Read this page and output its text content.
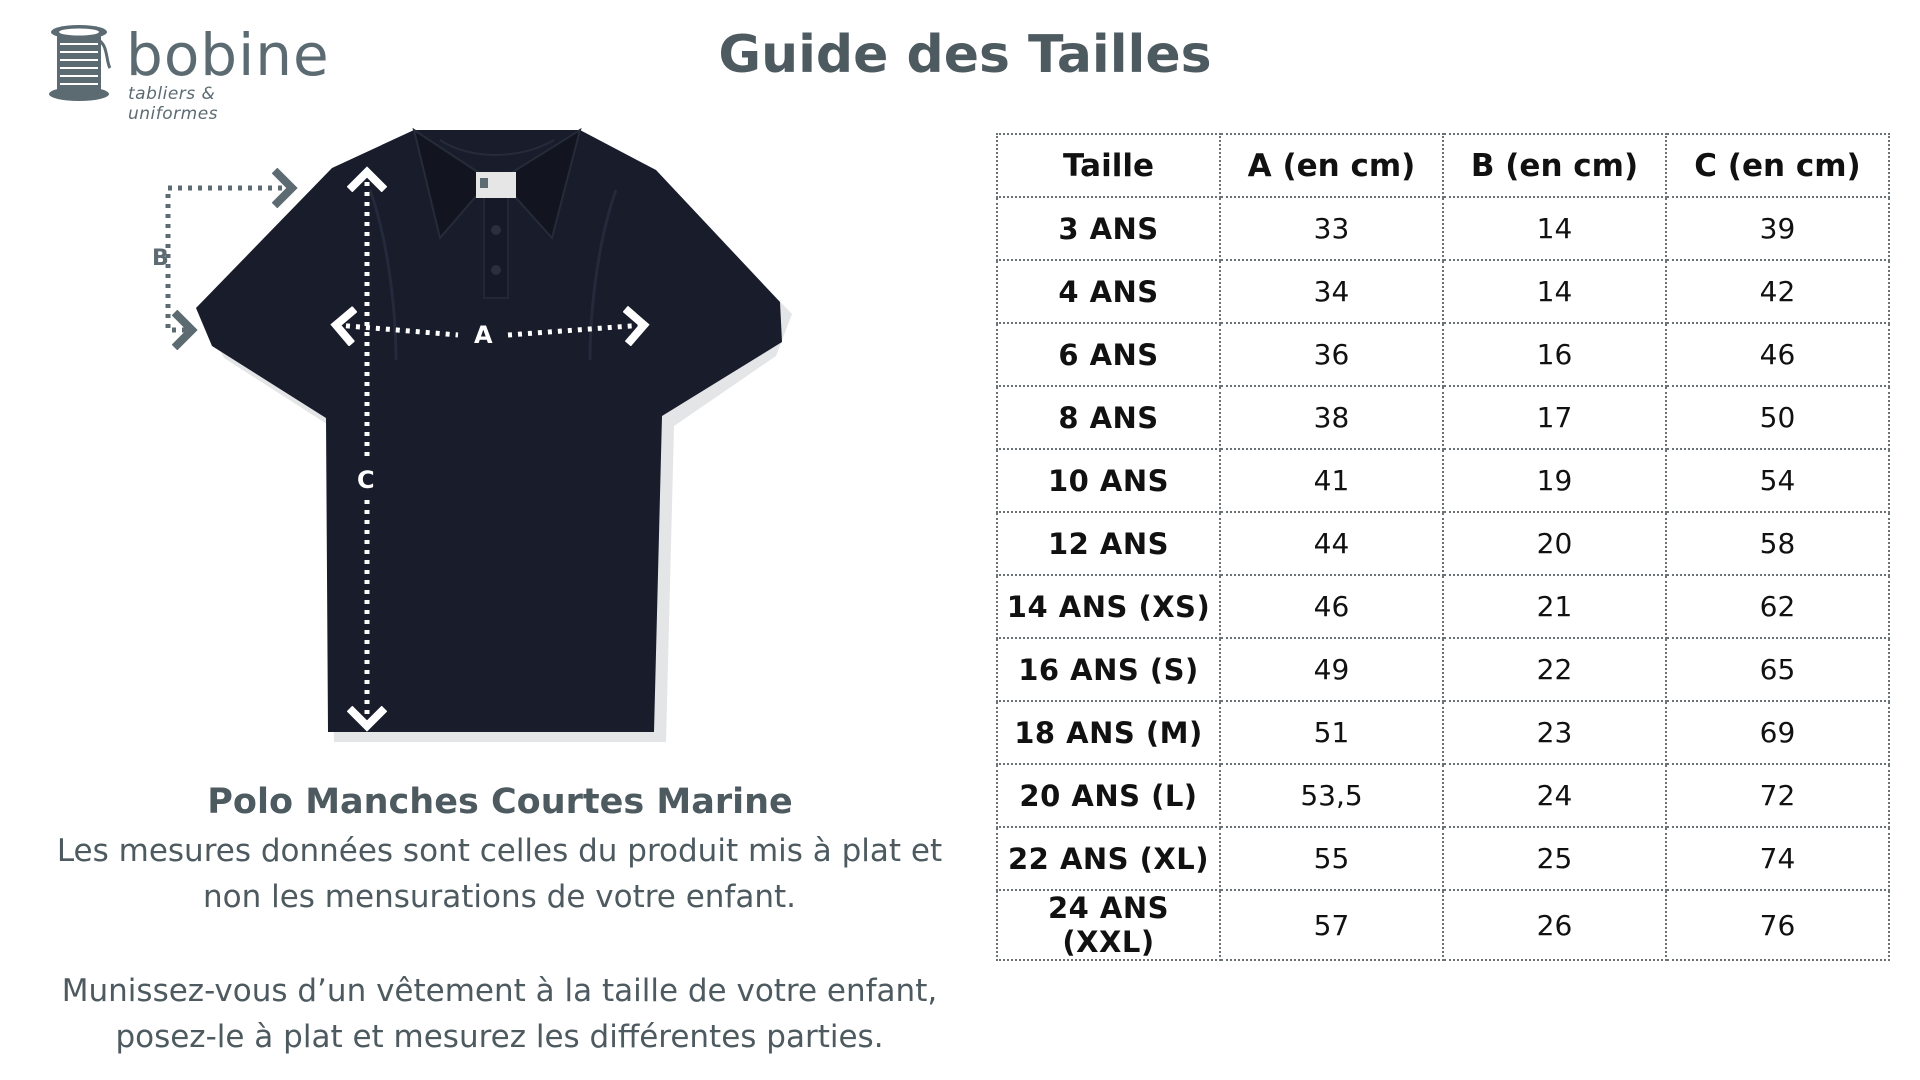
bobine
tabliers & uniformes
Guide des Tailles
B
A
C
Polo Manches Courtes Marine
Les mesures données sont celles du produit mis à plat et
non les mensurations de votre enfant.
Munissez-vous d’un vêtement à la taille de votre enfant,
posez-le à plat et mesurez les différentes parties.
Taille	A (en cm)	B (en cm)	C (en cm)
3 ANS	33	14	39
4 ANS	34	14	42
6 ANS	36	16	46
8 ANS	38	17	50
10 ANS	41	19	54
12 ANS	44	20	58
14 ANS (XS)	46	21	62
16 ANS (S)	49	22	65
18 ANS (M)	51	23	69
20 ANS (L)	53,5	24	72
22 ANS (XL)	55	25	74
24 ANS (XXL)	57	26	76
